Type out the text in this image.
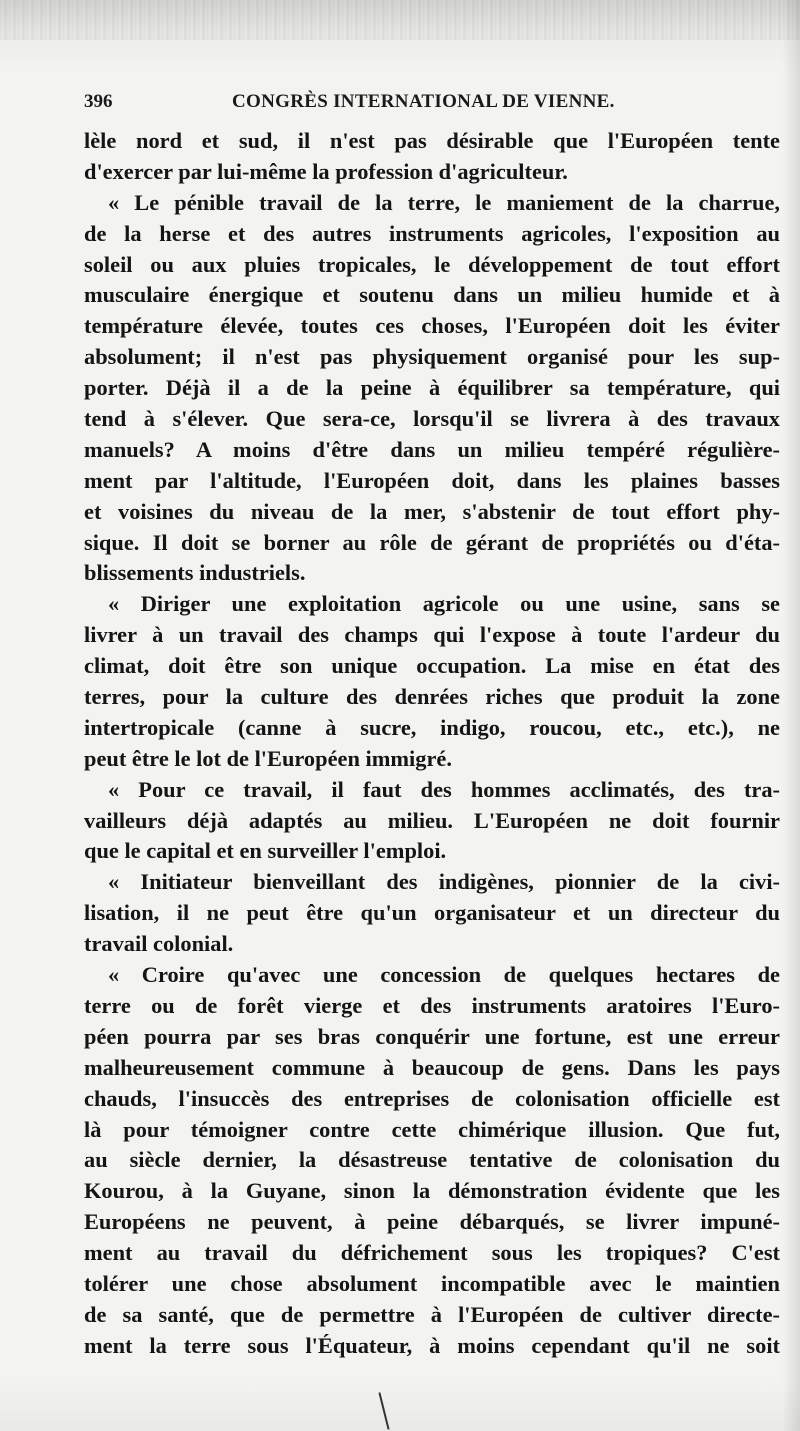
396	CONGRÈS INTERNATIONAL DE VIENNE.
lèle nord et sud, il n'est pas désirable que l'Européen tente
d'exercer par lui-même la profession d'agriculteur.
« Le pénible travail de la terre, le maniement de la charrue,
de la herse et des autres instruments agricoles, l'exposition au
soleil ou aux pluies tropicales, le développement de tout effort
musculaire énergique et soutenu dans un milieu humide et à
température élevée, toutes ces choses, l'Européen doit les éviter
absolument; il n'est pas physiquement organisé pour les sup-
porter. Déjà il a de la peine à équilibrer sa température, qui
tend à s'élever. Que sera-ce, lorsqu'il se livrera à des travaux
manuels? A moins d'être dans un milieu tempéré régulière-
ment par l'altitude, l'Européen doit, dans les plaines basses
et voisines du niveau de la mer, s'abstenir de tout effort phy-
sique. Il doit se borner au rôle de gérant de propriétés ou d'éta-
blissements industriels.
« Diriger une exploitation agricole ou une usine, sans se
livrer à un travail des champs qui l'expose à toute l'ardeur du
climat, doit être son unique occupation. La mise en état des
terres, pour la culture des denrées riches que produit la zone
intertropicale (canne à sucre, indigo, roucou, etc., etc.), ne
peut être le lot de l'Européen immigré.
« Pour ce travail, il faut des hommes acclimatés, des tra-
vailleurs déjà adaptés au milieu. L'Européen ne doit fournir
que le capital et en surveiller l'emploi.
« Initiateur bienveillant des indigènes, pionnier de la civi-
lisation, il ne peut être qu'un organisateur et un directeur du
travail colonial.
« Croire qu'avec une concession de quelques hectares de
terre ou de forêt vierge et des instruments aratoires l'Euro-
péen pourra par ses bras conquérir une fortune, est une erreur
malheureusement commune à beaucoup de gens. Dans les pays
chauds, l'insuccès des entreprises de colonisation officielle est
là pour témoigner contre cette chimérique illusion. Que fut,
au siècle dernier, la désastreuse tentative de colonisation du
Kourou, à la Guyane, sinon la démonstration évidente que les
Européens ne peuvent, à peine débarqués, se livrer impuné-
ment au travail du défrichement sous les tropiques? C'est
tolérer une chose absolument incompatible avec le maintien
de sa santé, que de permettre à l'Européen de cultiver directe-
ment la terre sous l'Équateur, à moins cependant qu'il ne soit
